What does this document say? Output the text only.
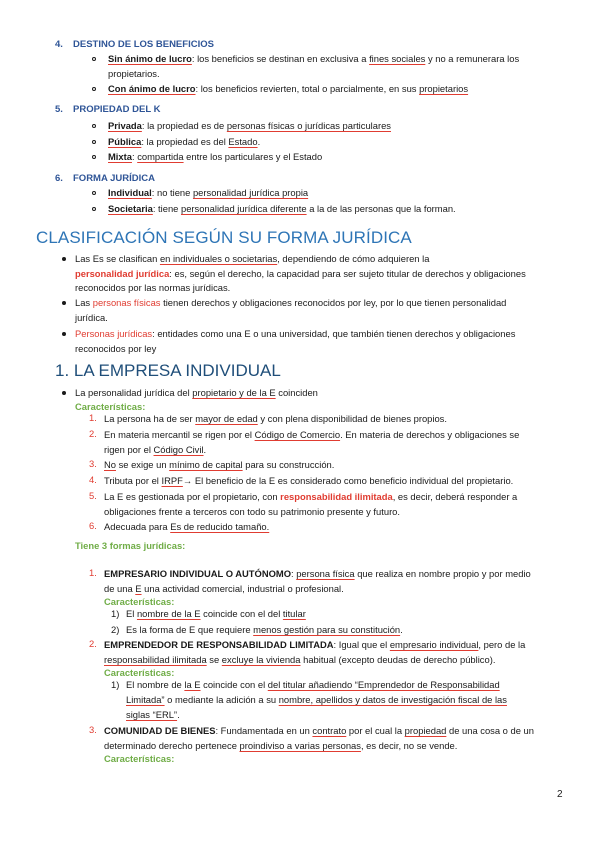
4. DESTINO DE LOS BENEFICIOS
Sin ánimo de lucro: los beneficios se destinan en exclusiva a fines sociales y no a remunerara los
propietarios.
Con ánimo de lucro: los beneficios revierten, total o parcialmente, en sus propietarios
5. PROPIEDAD DEL K
Privada: la propiedad es de personas físicas o jurídicas particulares
Pública: la propiedad es del Estado.
Mixta: compartida entre los particulares y el Estado
6. FORMA JURÍDICA
Individual: no tiene personalidad jurídica propia
Societaria: tiene personalidad jurídica diferente a la de las personas que la forman.
CLASIFICACIÓN SEGÚN SU FORMA JURÍDICA
Las Es se clasifican en individuales o societarias, dependiendo de cómo adquieren la
personalidad jurídica: es, según el derecho, la capacidad para ser sujeto titular de derechos y obligaciones
reconocidos por las normas jurídicas.
Las personas físicas tienen derechos y obligaciones reconocidos por ley, por lo que tienen personalidad
jurídica.
Personas jurídicas: entidades como una E o una universidad, que también tienen derechos y obligaciones
reconocidos por ley
1. LA EMPRESA INDIVIDUAL
La personalidad jurídica del propietario y de la E coinciden
Características:
1. La persona ha de ser mayor de edad y con plena disponibilidad de bienes propios.
2. En materia mercantil se rigen por el Código de Comercio. En materia de derechos y obligaciones se
rigen por el Código Civil.
3. No se exige un mínimo de capital para su construcción.
4. Tributa por el IRPF→ El beneficio de la E es considerado como beneficio individual del propietario.
5. La E es gestionada por el propietario, con responsabilidad ilimitada, es decir, deberá responder a
obligaciones frente a terceros con todo su patrimonio presente y futuro.
6. Adecuada para Es de reducido tamaño.
Tiene 3 formas jurídicas:
1. EMPRESARIO INDIVIDUAL O AUTÓNOMO: persona física que realiza en nombre propio y por medio
de una E una actividad comercial, industrial o profesional.
Características:
1) El nombre de la E coincide con el del titular
2) Es la forma de E que requiere menos gestión para su constitución.
2. EMPRENDEDOR DE RESPONSABILIDAD LIMITADA: Igual que el empresario individual, pero de la
responsabilidad ilimitada se excluye la vivienda habitual (excepto deudas de derecho público).
Características:
1) El nombre de la E coincide con el del titular añadiendo “Emprendedor de Responsabilidad
Limitada” o mediante la adición a su nombre, apellidos y datos de investigación fiscal de las
siglas “ERL”.
3. COMUNIDAD DE BIENES: Fundamentada en un contrato por el cual la propiedad de una cosa o de un
determinado derecho pertenece proindiviso a varias personas, es decir, no se vende.
Características:
2
